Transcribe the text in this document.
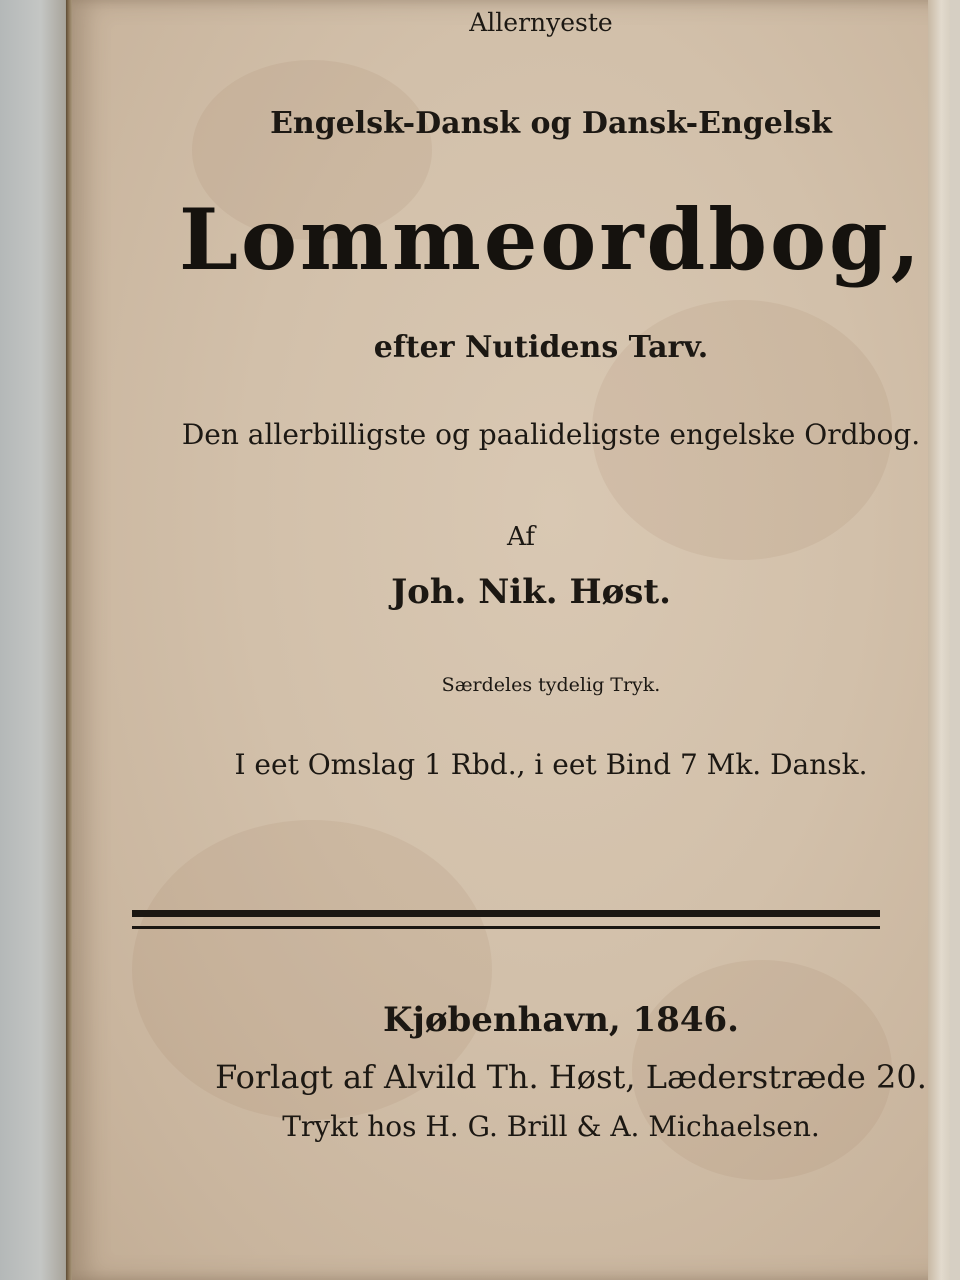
Allernyeste
Engelsk-Dansk og Dansk-Engelsk
Lommeordbog,
efter Nutidens Tarv.
Den allerbilligste og paalideligste engelske Ordbog.
Af
Joh. Nik. Høst.
Særdeles tydelig Tryk.
I eet Omslag 1 Rbd., i eet Bind 7 Mk. Dansk.
Kjøbenhavn, 1846.
Forlagt af Alvild Th. Høst, Læderstræde 20.
Trykt hos H. G. Brill & A. Michaelsen.
